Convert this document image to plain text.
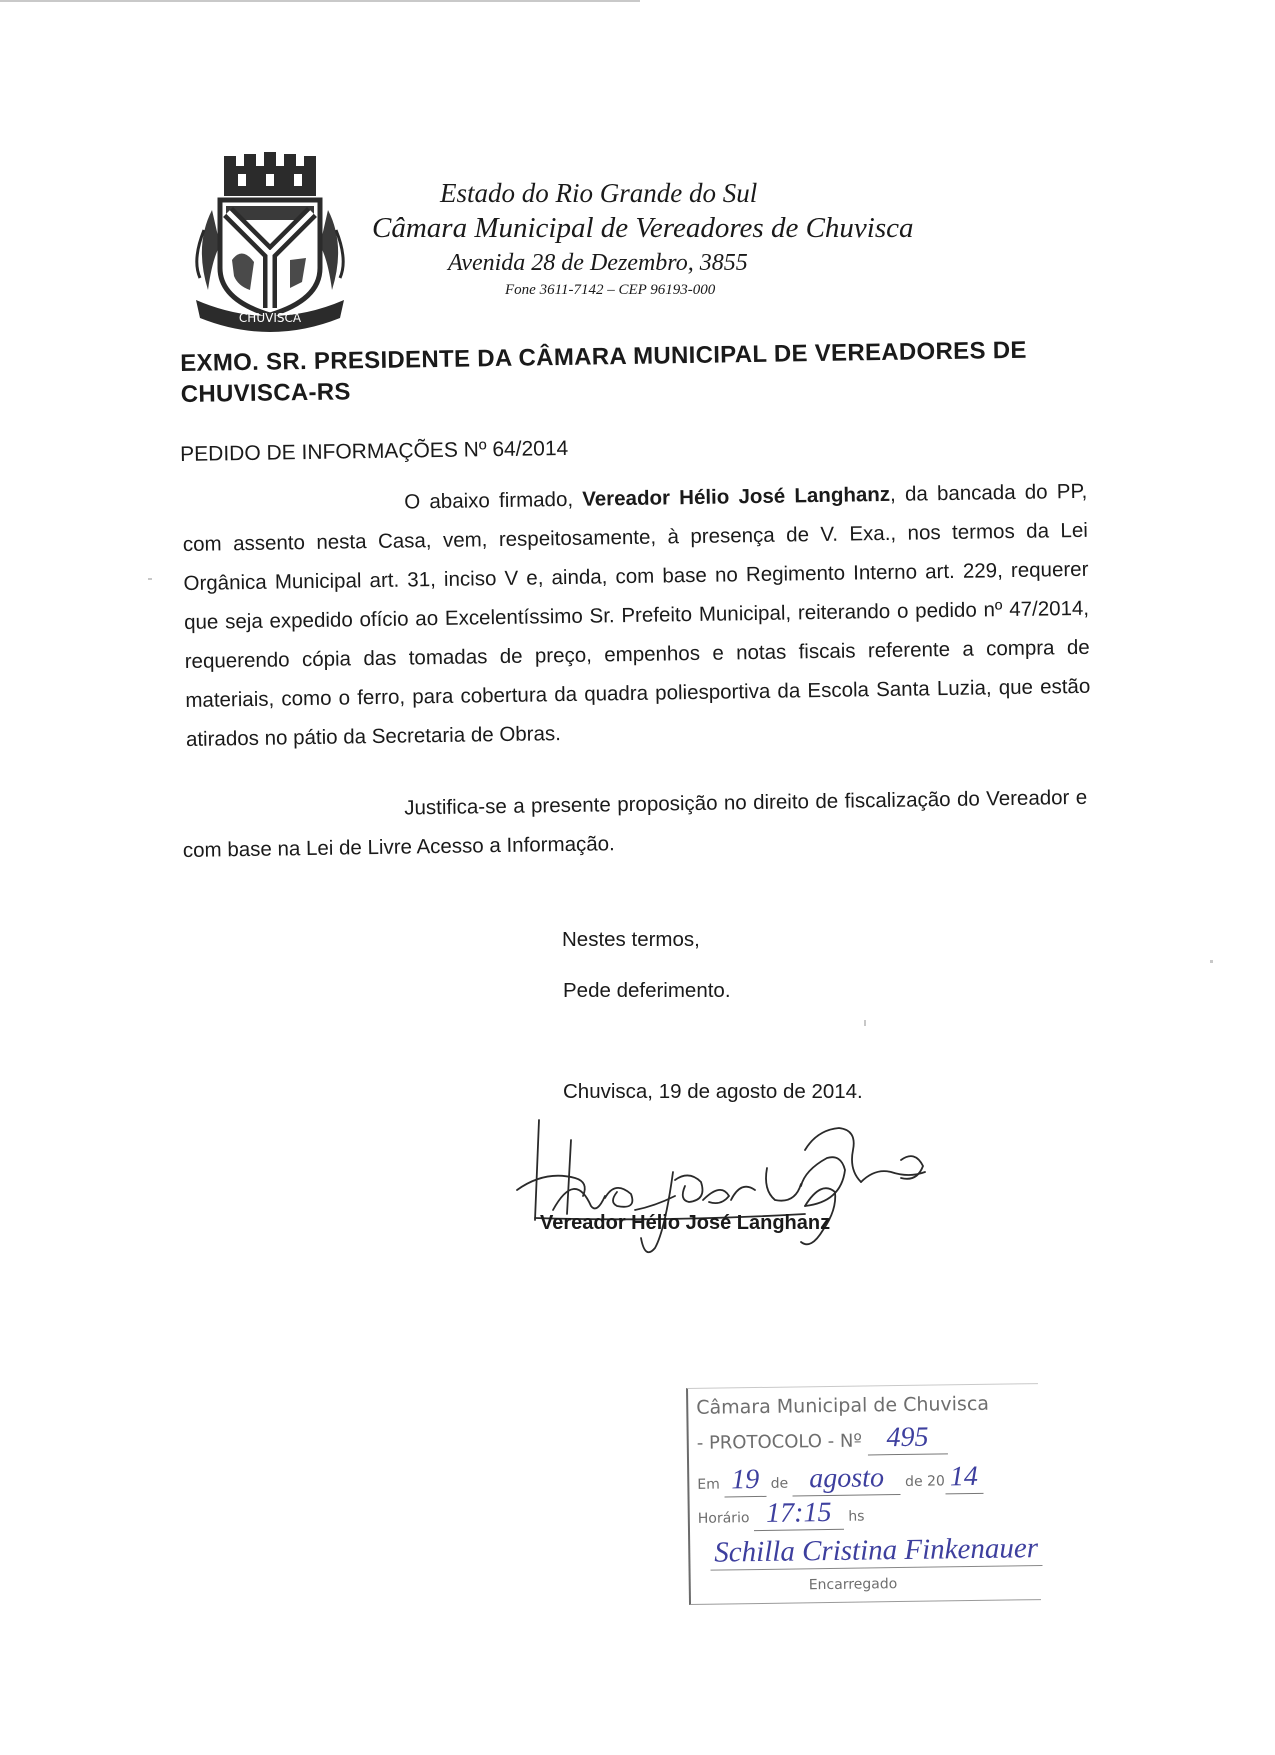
CHUVISCA
Estado do Rio Grande do Sul
Câmara Municipal de Vereadores de Chuvisca
Avenida 28 de Dezembro, 3855
Fone 3611-7142 – CEP 96193-000
EXMO. SR. PRESIDENTE DA CÂMARA MUNICIPAL DE VEREADORES DE CHUVISCA-RS
PEDIDO DE INFORMAÇÕES Nº 64/2014

O abaixo firmado, Vereador Hélio José Langhanz, da bancada do PP, com assento nesta Casa, vem, respeitosamente, à presença de V. Exa., nos termos da Lei Orgânica Municipal art. 31, inciso V e, ainda, com base no Regimento Interno art. 229, requerer que seja expedido ofício ao Excelentíssimo Sr. Prefeito Municipal, reiterando o pedido nº 47/2014, requerendo cópia das tomadas de preço, empenhos e notas fiscais referente a compra de materiais, como o ferro, para cobertura da quadra poliesportiva da Escola Santa Luzia, que estão atirados no pátio da Secretaria de Obras.

Justifica-se a presente proposição no direito de fiscalização do Vereador e com base na Lei de Livre Acesso a Informação.

Nestes termos,
Pede deferimento.
Chuvisca, 19 de agosto de 2014.
Vereador Hélio José Langhanz
Câmara Municipal de Chuvisca
- PROTOCOLO - Nº 495
Em 19 de agosto de 20 14
Horário 17:15 hs
Schilla Cristina Finkenauer
Encarregado
